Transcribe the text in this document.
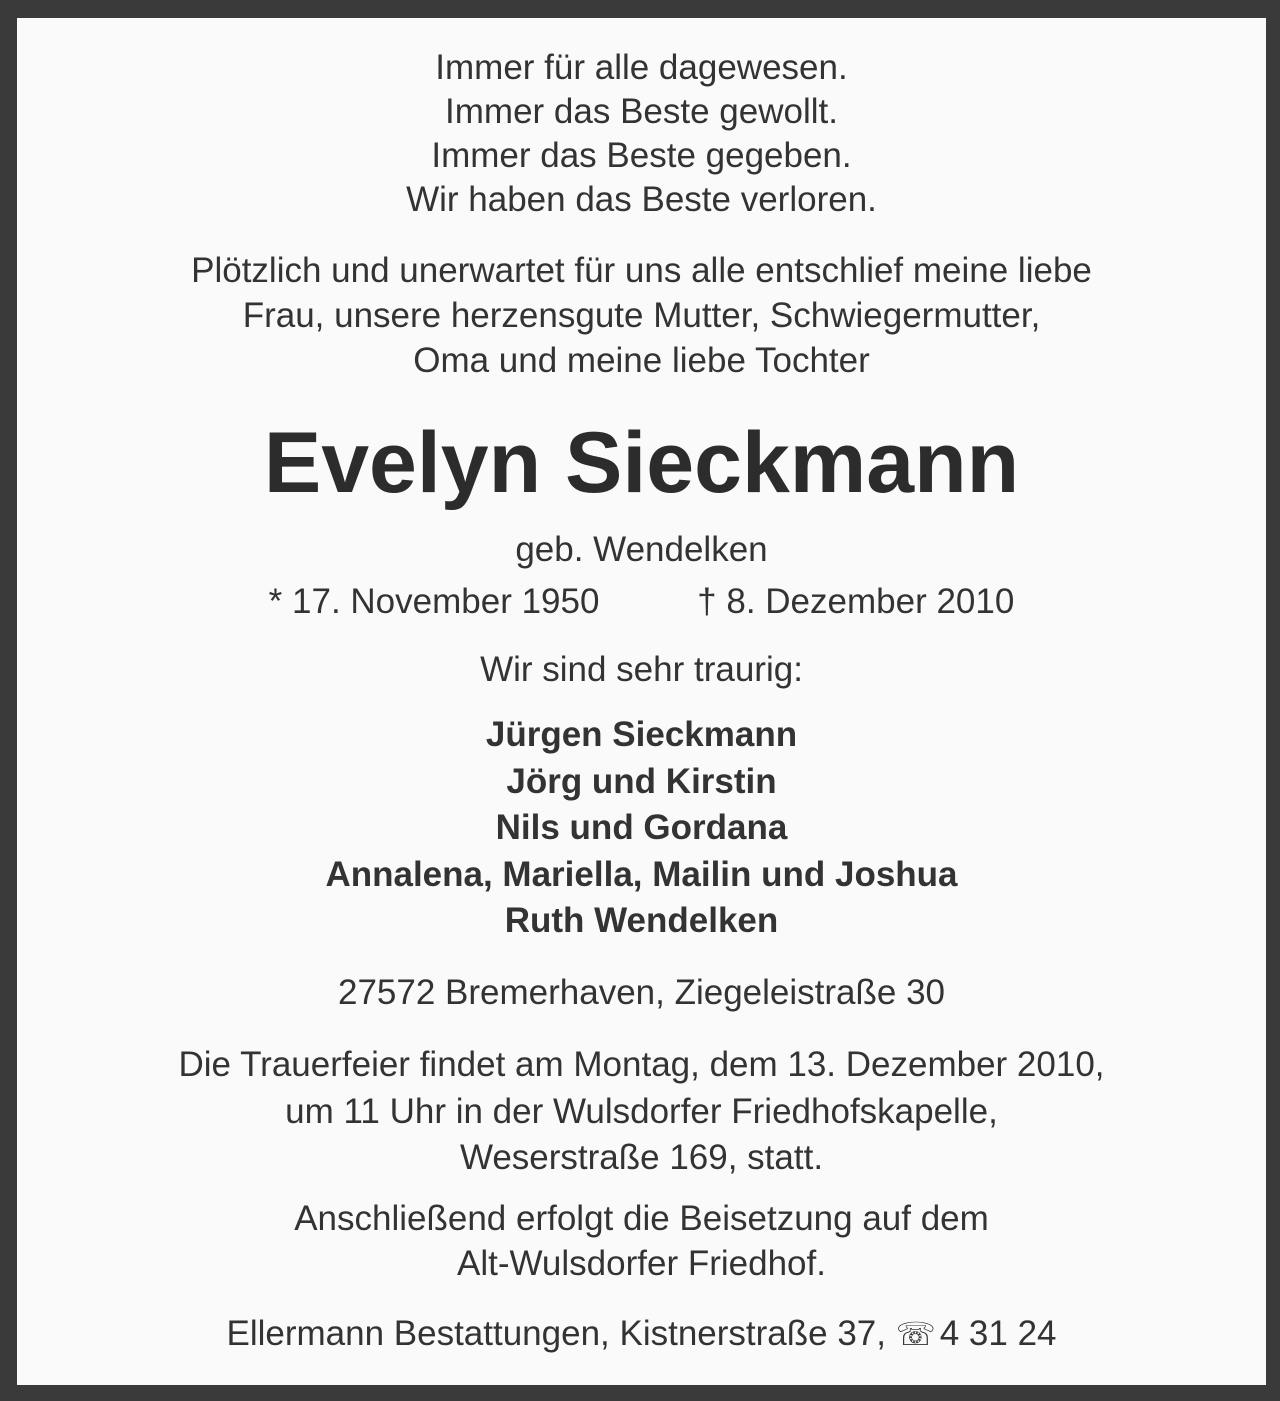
Immer für alle dagewesen.
Immer das Beste gewollt.
Immer das Beste gegeben.
Wir haben das Beste verloren.
Plötzlich und unerwartet für uns alle entschlief meine liebe
Frau, unsere herzensgute Mutter, Schwiegermutter,
Oma und meine liebe Tochter
Evelyn Sieckmann
geb. Wendelken
* 17. November 1950	† 8. Dezember 2010
Wir sind sehr traurig:
Jürgen Sieckmann
Jörg und Kirstin
Nils und Gordana
Annalena, Mariella, Mailin und Joshua
Ruth Wendelken
27572 Bremerhaven, Ziegeleistraße 30
Die Trauerfeier findet am Montag, dem 13. Dezember 2010,
um 11 Uhr in der Wulsdorfer Friedhofskapelle,
Weserstraße 169, statt.
Anschließend erfolgt die Beisetzung auf dem
Alt-Wulsdorfer Friedhof.
Ellermann Bestattungen, Kistnerstraße 37, ☏ 4 31 24
